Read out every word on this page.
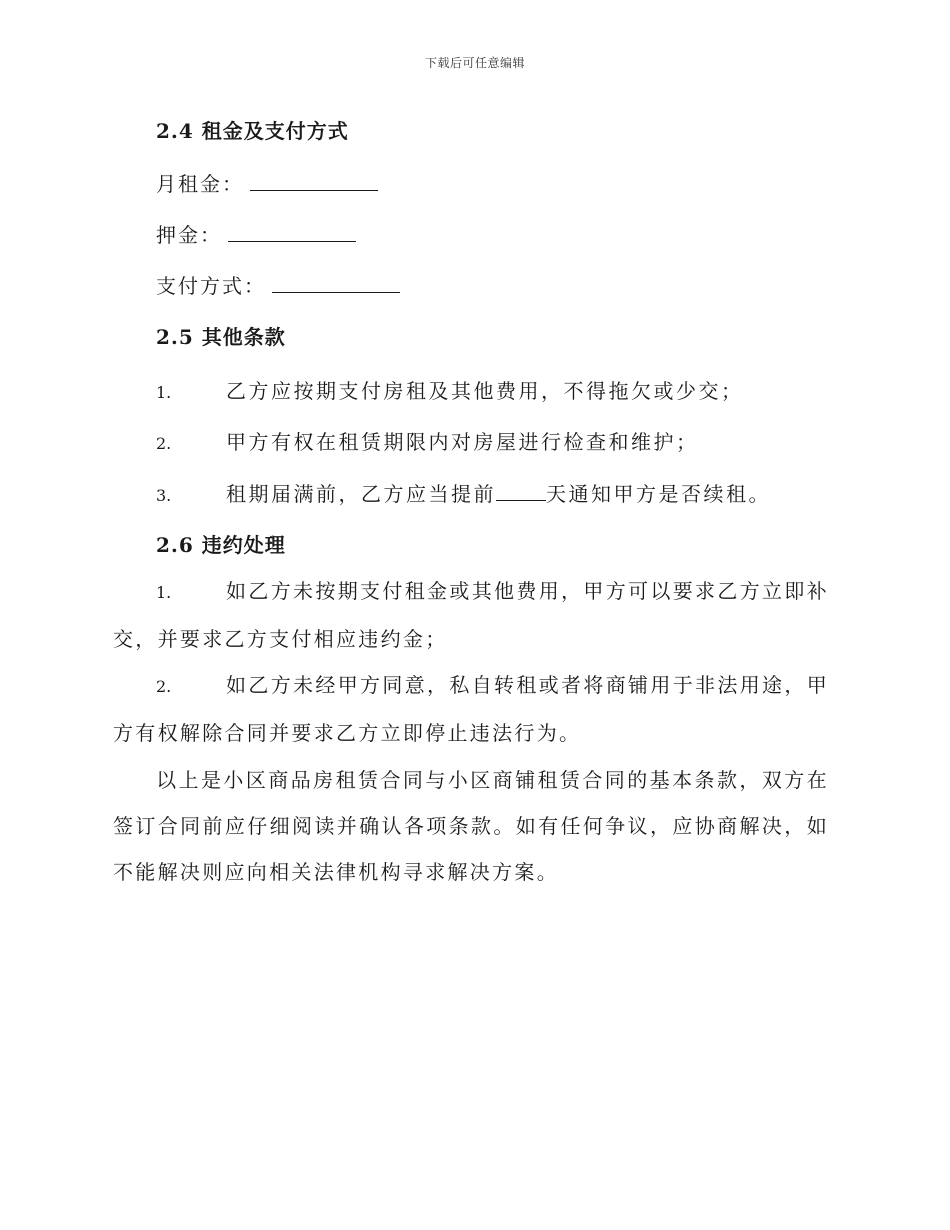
下载后可任意编辑
2.4 租金及支付方式
月租金：
押金：
支付方式：
2.5 其他条款
1.	乙方应按期支付房租及其他费用，不得拖欠或少交；
2.	甲方有权在租赁期限内对房屋进行检查和维护；
3.	租期届满前，乙方应当提前	天通知甲方是否续租。
2.6 违约处理
1.	如乙方未按期支付租金或其他费用，甲方可以要求乙方立即补交，并要求乙方支付相应违约金；
2.	如乙方未经甲方同意，私自转租或者将商铺用于非法用途，甲方有权解除合同并要求乙方立即停止违法行为。
以上是小区商品房租赁合同与小区商铺租赁合同的基本条款，双方在签订合同前应仔细阅读并确认各项条款。如有任何争议，应协商解决，如不能解决则应向相关法律机构寻求解决方案。
